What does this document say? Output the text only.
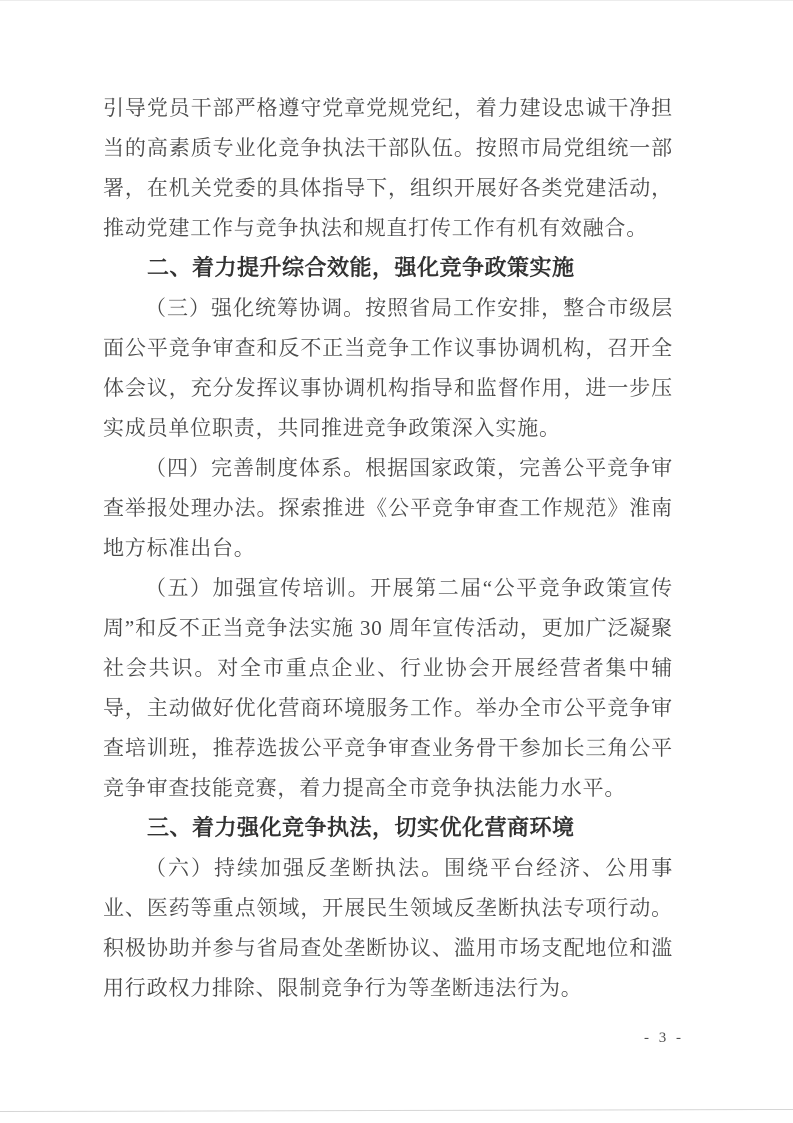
引导党员干部严格遵守党章党规党纪，着力建设忠诚干净担当的高素质专业化竞争执法干部队伍。按照市局党组统一部署，在机关党委的具体指导下，组织开展好各类党建活动，推动党建工作与竞争执法和规直打传工作有机有效融合。

二、着力提升综合效能，强化竞争政策实施

（三）强化统筹协调。按照省局工作安排，整合市级层面公平竞争审查和反不正当竞争工作议事协调机构，召开全体会议，充分发挥议事协调机构指导和监督作用，进一步压实成员单位职责，共同推进竞争政策深入实施。

（四）完善制度体系。根据国家政策，完善公平竞争审查举报处理办法。探索推进《公平竞争审查工作规范》淮南地方标准出台。

（五）加强宣传培训。开展第二届“公平竞争政策宣传周”和反不正当竞争法实施 30 周年宣传活动，更加广泛凝聚社会共识。对全市重点企业、行业协会开展经营者集中辅导，主动做好优化营商环境服务工作。举办全市公平竞争审查培训班，推荐选拔公平竞争审查业务骨干参加长三角公平竞争审查技能竞赛，着力提高全市竞争执法能力水平。

三、着力强化竞争执法，切实优化营商环境

（六）持续加强反垄断执法。围绕平台经济、公用事业、医药等重点领域，开展民生领域反垄断执法专项行动。积极协助并参与省局查处垄断协议、滥用市场支配地位和滥用行政权力排除、限制竞争行为等垄断违法行为。

- 3 -
